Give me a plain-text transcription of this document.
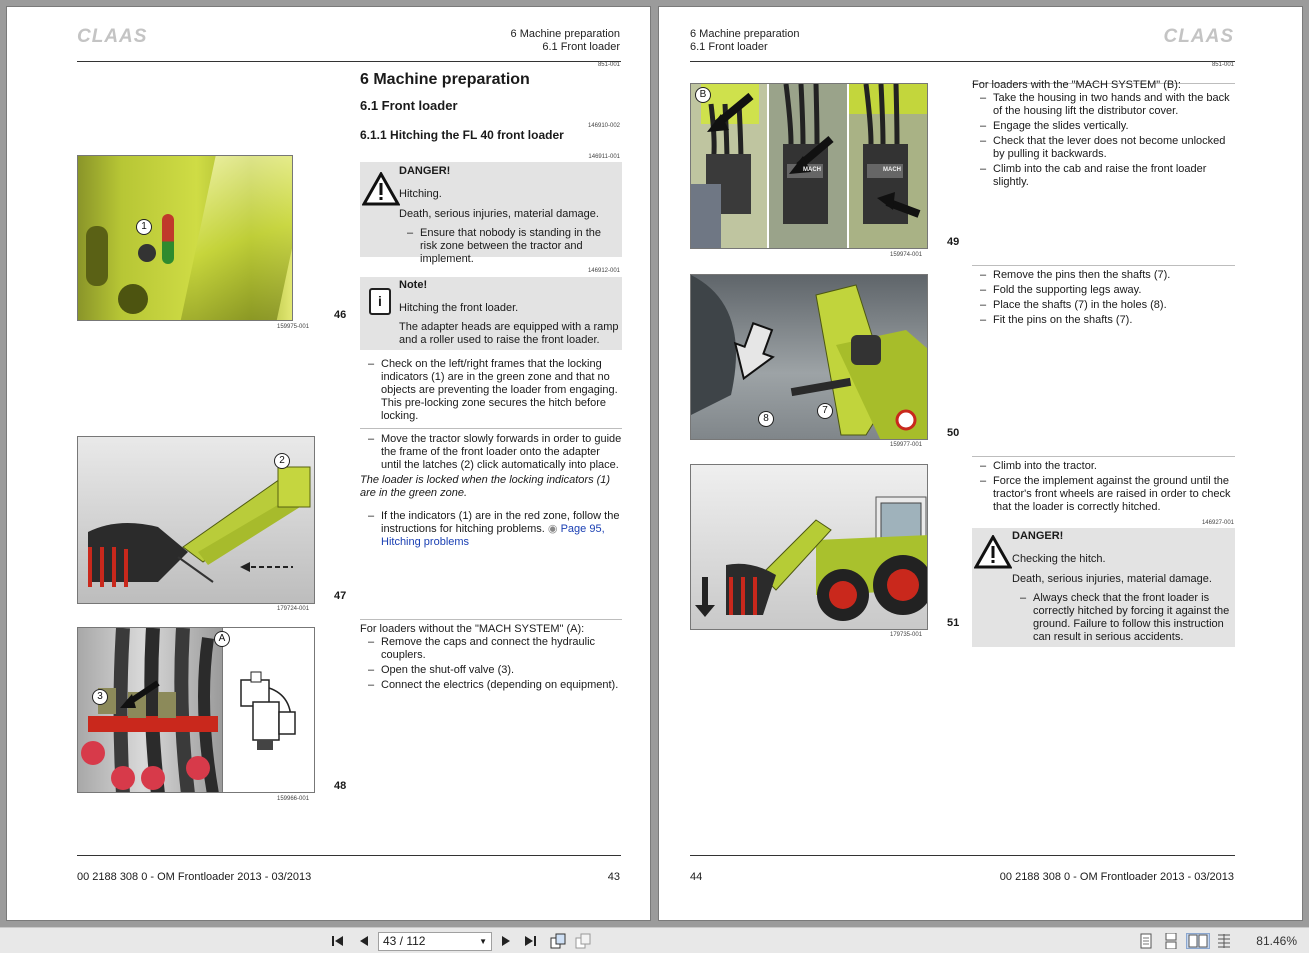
CLAAS	6 Machine preparation
6.1 Front loader
851-001
6 Machine preparation
6.1 Front loader
146910-002
6.1.1 Hitching the FL 40 front loader
146911-001
DANGER!
Hitching.
Death, serious injuries, material damage.
– Ensure that nobody is standing in the risk zone between the tractor and implement.
146912-001
i
Note!
Hitching the front loader.
The adapter heads are equipped with a ramp and a roller used to raise the front loader.
– Check on the left/right frames that the locking indicators (1) are in the green zone and that no objects are preventing the loader from engaging. This pre-locking zone secures the hitch before locking.
– Move the tractor slowly forwards in order to guide the frame of the front loader onto the adapter until the latches (2) click automatically into place.
The loader is locked when the locking indicators (1) are in the green zone.
– If the indicators (1) are in the red zone, follow the instructions for hitching problems. ◉ Page 95, Hitching problems
For loaders without the "MACH SYSTEM" (A):
– Remove the caps and connect the hydraulic couplers.
– Open the shut-off valve (3).
– Connect the electrics (depending on equipment).
1
46
159975-001
2
47
179724-001
3
A
48
159966-001
00 2188 308 0 - OM Frontloader 2013 - 03/2013	43
6 Machine preparation
6.1 Front loader	CLAAS
851-001
MACH	MACH
B
49
159974-001
For loaders with the "MACH SYSTEM" (B):
– Take the housing in two hands and with the back of the housing lift the distributor cover.
– Engage the slides vertically.
– Check that the lever does not become unlocked by pulling it backwards.
– Climb into the cab and raise the front loader slightly.
8
7
50
159977-001
– Remove the pins then the shafts (7).
– Fold the supporting legs away.
– Place the shafts (7) in the holes (8).
– Fit the pins on the shafts (7).
51
179735-001
– Climb into the tractor.
– Force the implement against the ground until the tractor's front wheels are raised in order to check that the loader is correctly hitched.
146927-001
DANGER!
Checking the hitch.
Death, serious injuries, material damage.
– Always check that the front loader is correctly hitched by forcing it against the ground. Failure to follow this instruction can result in serious accidents.
44	00 2188 308 0 - OM Frontloader 2013 - 03/2013
43 / 112	▼	81.46%
